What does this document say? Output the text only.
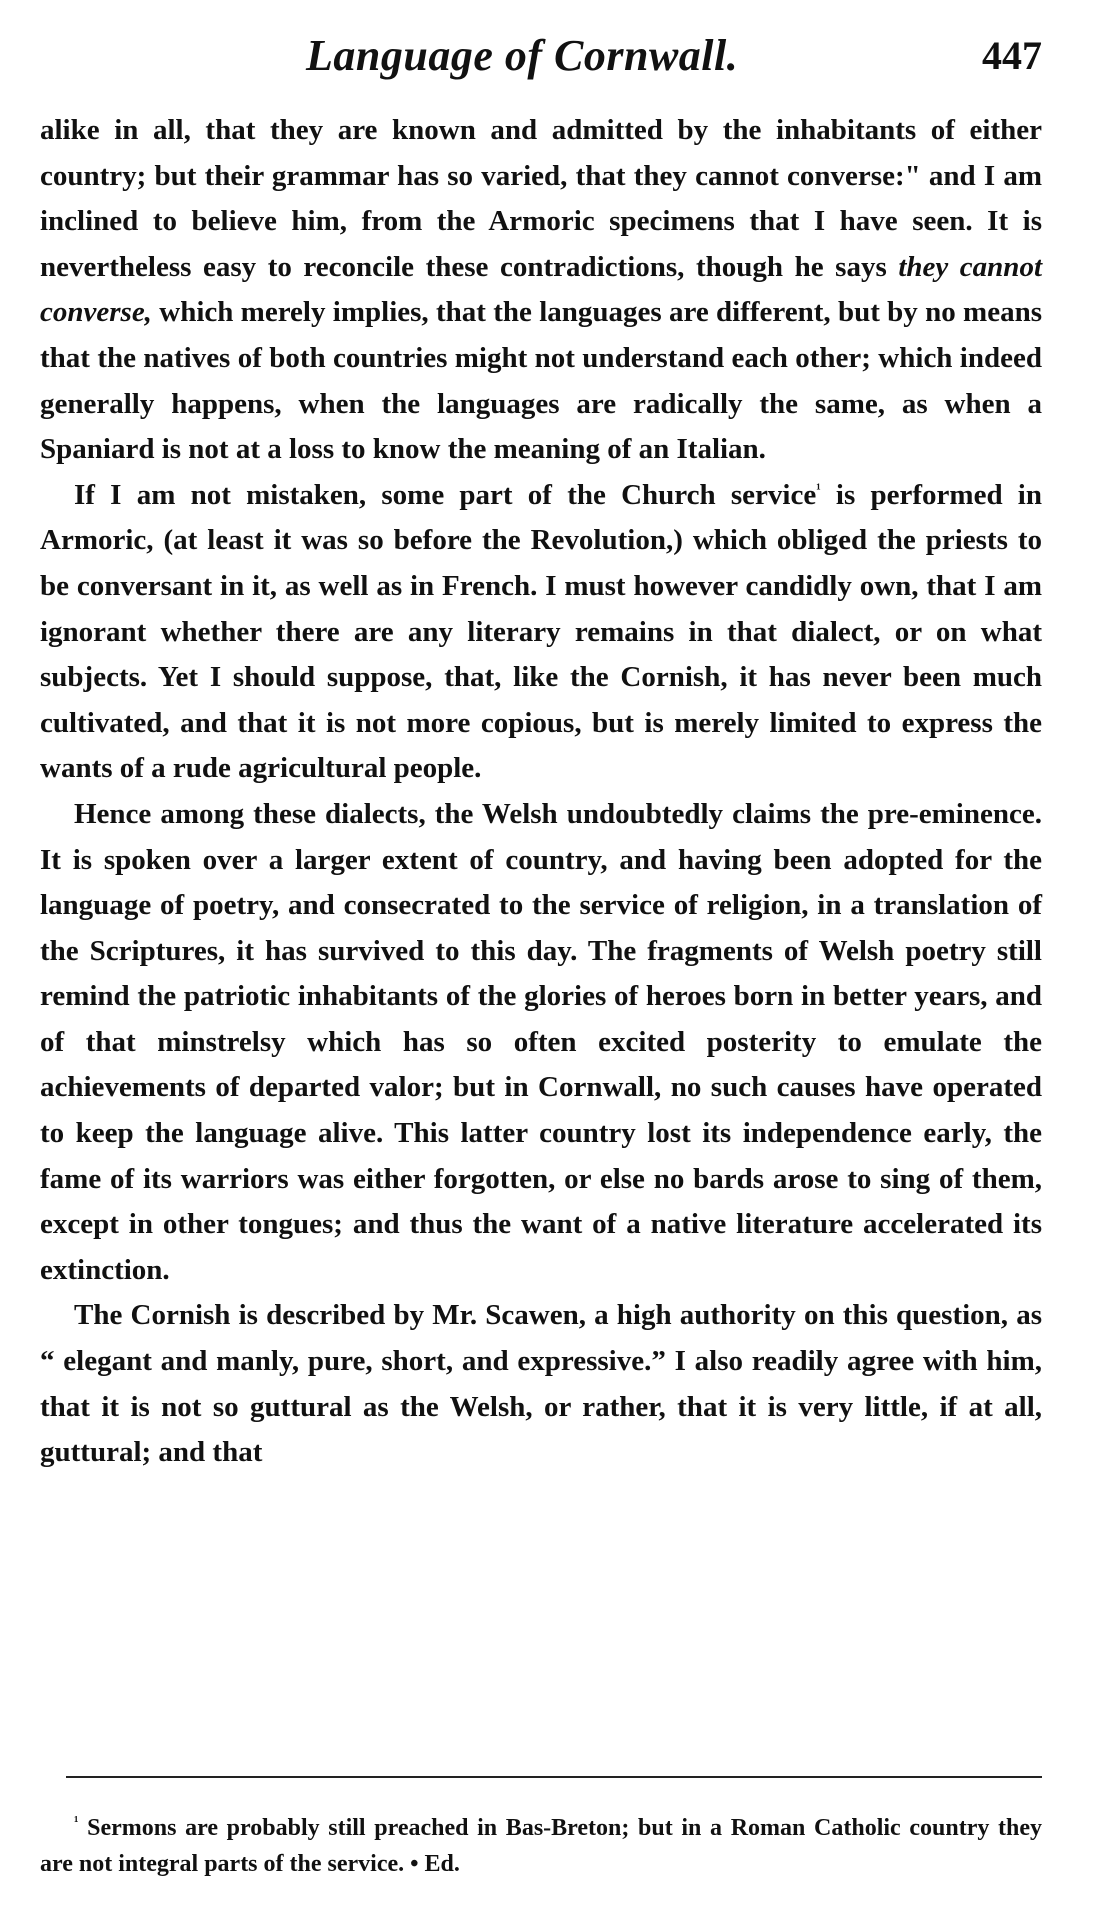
Language of Cornwall.	447

alike in all, that they are known and admitted by the inhabitants of either country; but their grammar has so varied, that they cannot converse:" and I am inclined to believe him, from the Armoric specimens that I have seen. It is nevertheless easy to reconcile these contradictions, though he says they cannot converse, which merely implies, that the languages are different, but by no means that the natives of both countries might not understand each other; which indeed generally happens, when the languages are radically the same, as when a Spaniard is not at a loss to know the meaning of an Italian.

If I am not mistaken, some part of the Church service$^{^1}$ is performed in Armoric, (at least it was so before the Revolution,) which obliged the priests to be conversant in it, as well as in French. I must however candidly own, that I am ignorant whether there are any literary remains in that dialect, or on what subjects. Yet I should suppose, that, like the Cornish, it has never been much cultivated, and that it is not more copious, but is merely limited to express the wants of a rude agricultural people.

Hence among these dialects, the Welsh undoubtedly claims the pre-eminence. It is spoken over a larger extent of country, and having been adopted for the language of poetry, and consecrated to the service of religion, in a translation of the Scriptures, it has survived to this day. The fragments of Welsh poetry still remind the patriotic inhabitants of the glories of heroes born in better years, and of that minstrelsy which has so often excited posterity to emulate the achievements of departed valor; but in Cornwall, no such causes have operated to keep the language alive. This latter country lost its independence early, the fame of its warriors was either forgotten, or else no bards arose to sing of them, except in other tongues; and thus the want of a native literature accelerated its extinction.

The Cornish is described by Mr. Scawen, a high authority on this question, as “ elegant and manly, pure, short, and expressive.” I also readily agree with him, that it is not so guttural as the Welsh, or rather, that it is very little, if at all, guttural; and that

$^{^1}$ Sermons are probably still preached in Bas-Breton; but in a Roman Catholic country they are not integral parts of the service. • Ed.
